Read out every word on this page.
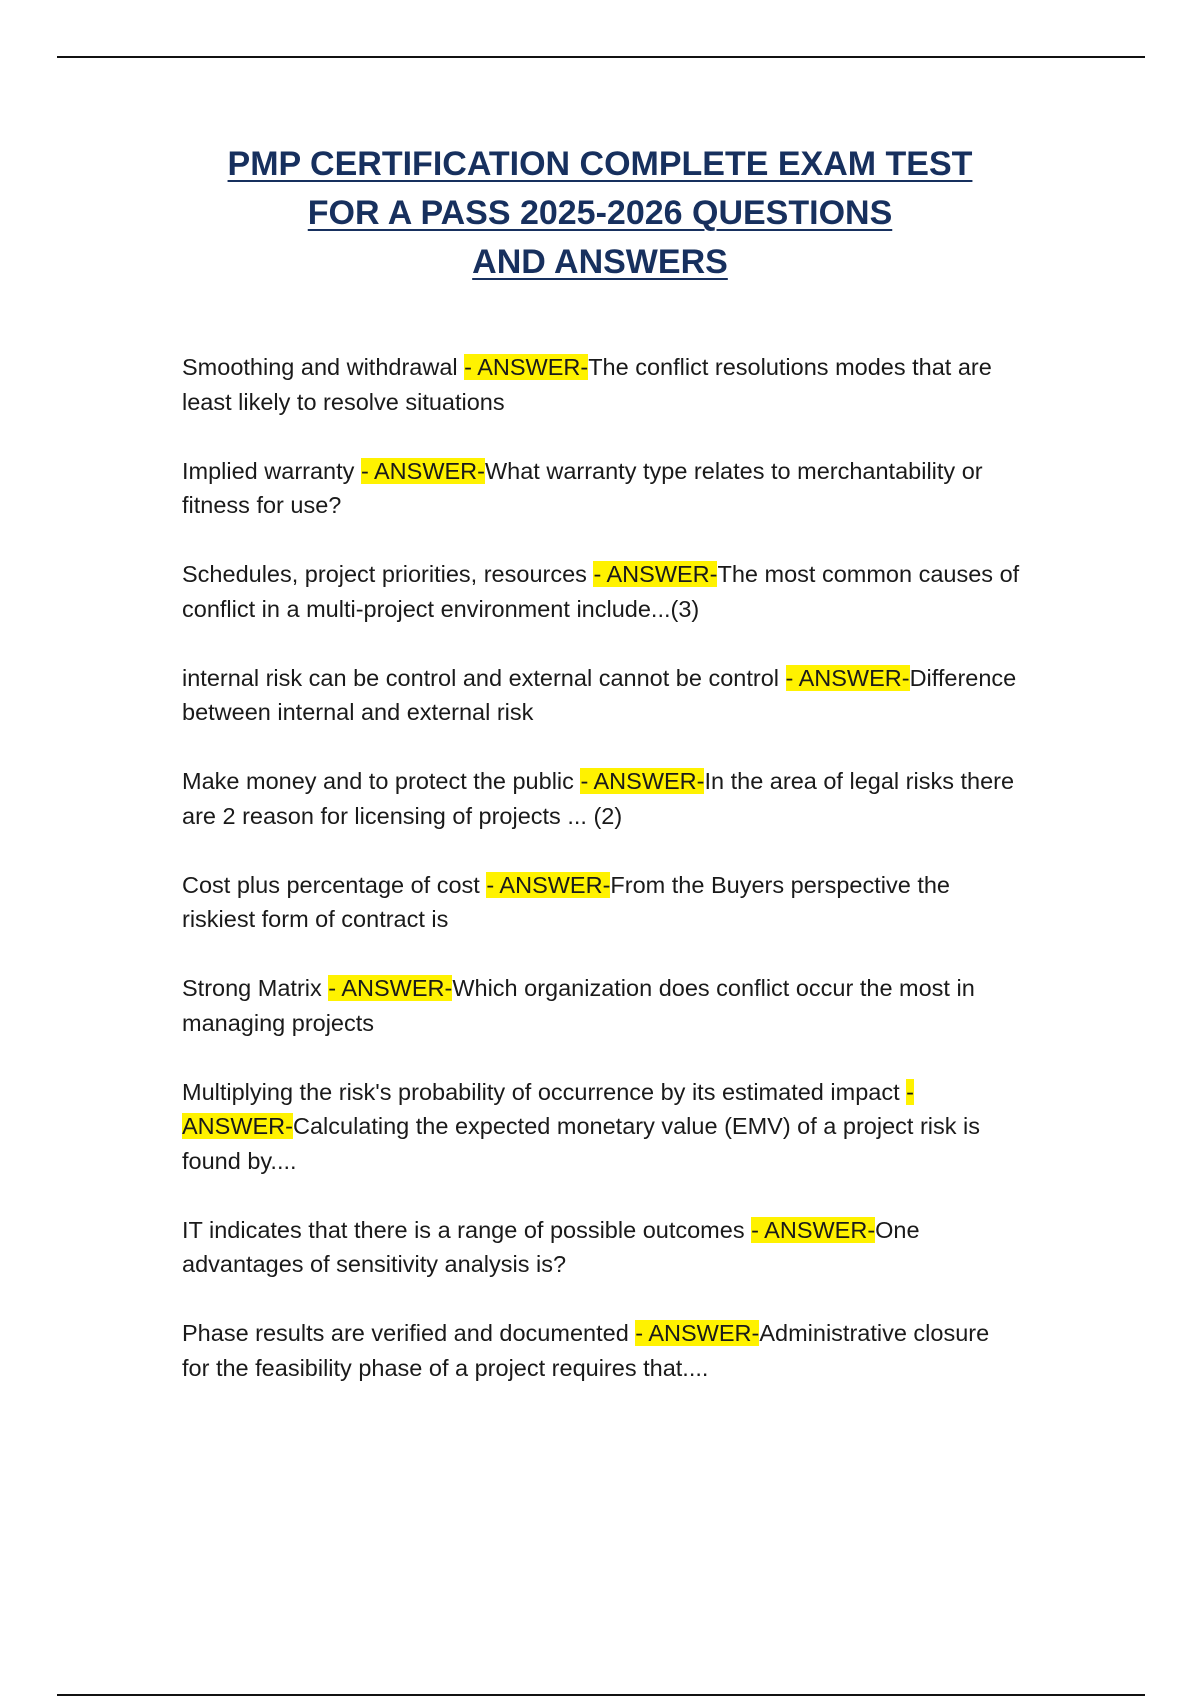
PMP CERTIFICATION COMPLETE EXAM TEST
FOR A PASS 2025-2026 QUESTIONS
AND ANSWERS
Smoothing and withdrawal - ANSWER-The conflict resolutions modes that are least likely to resolve situations
Implied warranty - ANSWER-What warranty type relates to merchantability or fitness for use?
Schedules, project priorities, resources - ANSWER-The most common causes of conflict in a multi-project environment include...(3)
internal risk can be control and external cannot be control - ANSWER-Difference between internal and external risk
Make money and to protect the public - ANSWER-In the area of legal risks there are 2 reason for licensing of projects ... (2)
Cost plus percentage of cost - ANSWER-From the Buyers perspective the riskiest form of contract is
Strong Matrix - ANSWER-Which organization does conflict occur the most in managing projects
Multiplying the risk's probability of occurrence by its estimated impact - ANSWER-Calculating the expected monetary value (EMV) of a project risk is found by....
IT indicates that there is a range of possible outcomes - ANSWER-One advantages of sensitivity analysis is?
Phase results are verified and documented - ANSWER-Administrative closure for the feasibility phase of a project requires that....
